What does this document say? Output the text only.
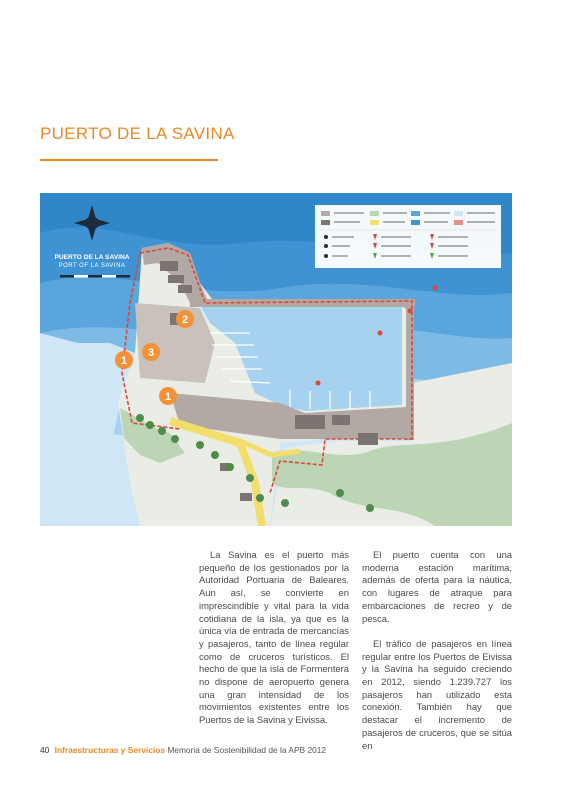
PUERTO DE LA SAVINA
1
2
3
1
PUERTO DE LA SAVINA
PORT OF LA SAVINA

La Savina es el puerto más pequeño de los gestionados por la Autoridad Portuaria de Baleares. Aun así, se convierte en imprescindible y vital para la vida cotidiana de la isla, ya que es la única vía de entrada de mercancías y pasajeros, tanto de línea regular como de cruceros turísticos. El hecho de que la isla de Formentera no dispone de aeropuerto genera una gran intensidad de los movimientos existentes entre los Puertos de la Savina y Eivissa.

El puerto cuenta con una moderna estación marítima, además de oferta para la náutica, con lugares de atraque para embarcaciones de recreo y de pesca.

El tráfico de pasajeros en línea regular entre los Puertos de Eivissa y la Savina ha seguido creciendo en 2012, siendo 1.239.727 los pasajeros han utilizado esta conexión. También hay que destacar el incremento de pasajeros de cruceros, que se sitúa en

40 Infraestructuras y Servicios Memoria de Sostenibilidad de la APB 2012
